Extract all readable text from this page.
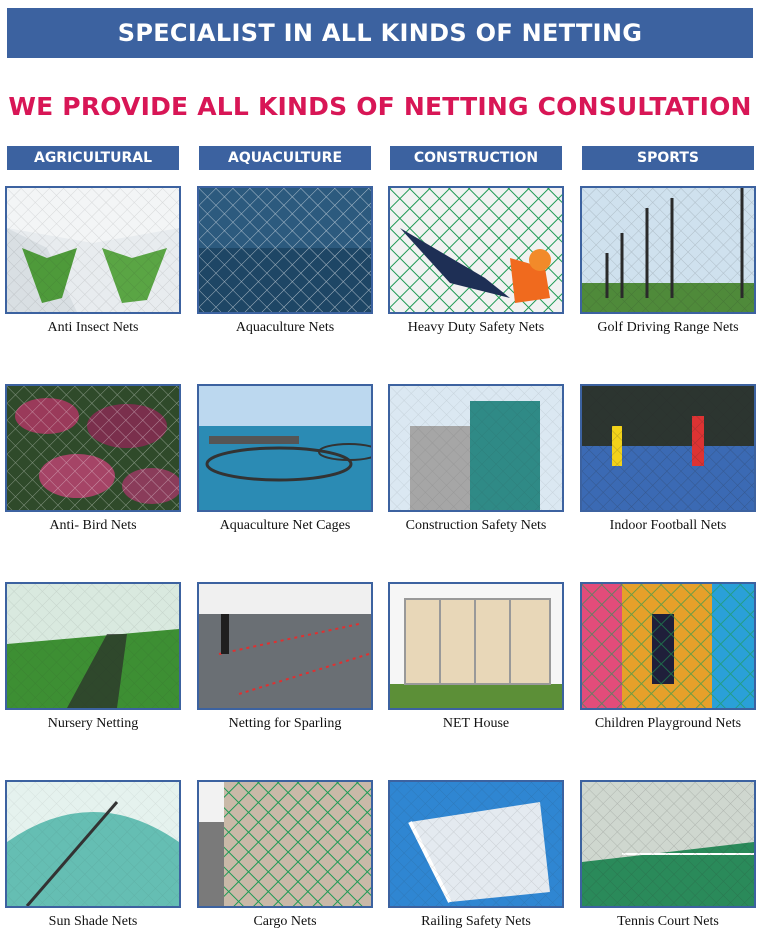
SPECIALIST IN ALL KINDS OF NETTING
WE PROVIDE ALL KINDS OF NETTING CONSULTATION
AGRICULTURAL	AQUACULTURE	CONSTRUCTION	SPORTS
Anti Insect Nets	Aquaculture Nets	Heavy Duty Safety Nets	Golf Driving Range Nets
Anti- Bird Nets	Aquaculture Net Cages	Construction Safety Nets	Indoor Football Nets
Nursery Netting	Netting for Sparling	NET House	Children Playground Nets
Sun Shade Nets	Cargo Nets	Railing Safety Nets	Tennis Court Nets
